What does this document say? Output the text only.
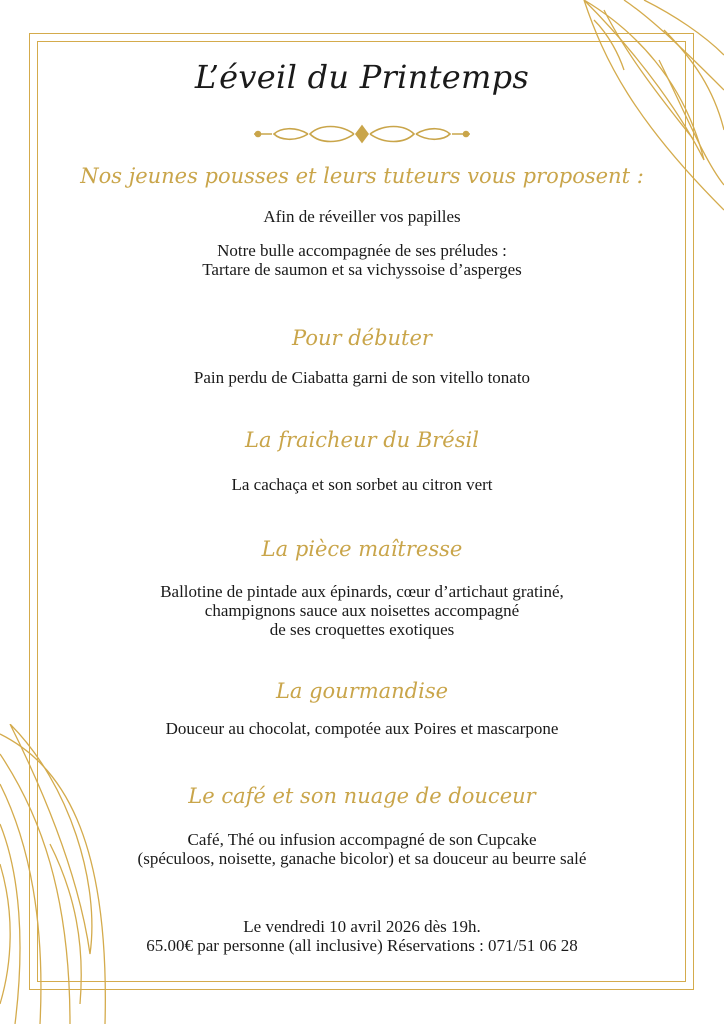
L’éveil du Printemps

Nos jeunes pousses et leurs tuteurs vous proposent :

Afin de réveiller vos papilles

Notre bulle accompagnée de ses préludes :

Tartare de saumon et sa vichyssoise d’asperges

Pour débuter

Pain perdu de Ciabatta garni de son vitello tonato

La fraicheur du Brésil

La cachaça et son sorbet au citron vert

La pièce maîtresse

Ballotine de pintade aux épinards, cœur d’artichaut gratiné,

champignons sauce aux noisettes accompagné

de ses croquettes exotiques

La gourmandise

Douceur au chocolat, compotée aux Poires et mascarpone

Le café et son nuage de douceur

Café, Thé ou infusion accompagné de son Cupcake

(spéculoos, noisette, ganache bicolor) et sa douceur au beurre salé

Le vendredi 10 avril 2026 dès 19h.

65.00€ par personne (all inclusive) Réservations : 071/51 06 28
